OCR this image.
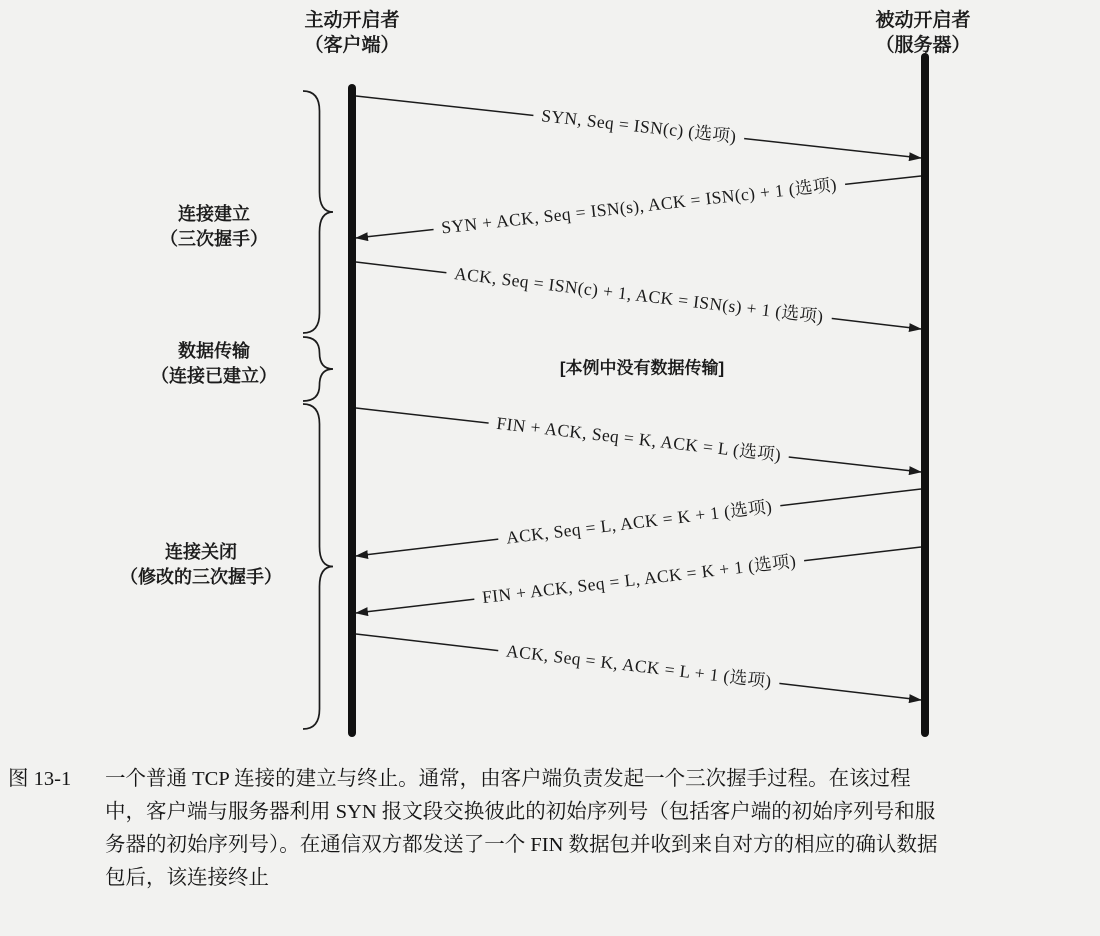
主动开启者
（客户端）
被动开启者
（服务器）
连接建立
（三次握手）
数据传输
（连接已建立）
连接关闭
（修改的三次握手）
[本例中没有数据传输]
SYN, Seq = ISN(c) (选项)
SYN + ACK, Seq = ISN(s), ACK = ISN(c) + 1 (选项)
ACK, Seq = ISN(c) + 1, ACK = ISN(s) + 1 (选项)
FIN + ACK, Seq = K, ACK = L (选项)
ACK, Seq = L, ACK = K + 1 (选项)
FIN + ACK, Seq = L, ACK = K + 1 (选项)
ACK, Seq = K, ACK = L + 1 (选项)
图 13-1	一个普通 TCP 连接的建立与终止。通常，由客户端负责发起一个三次握手过程。在该过程
中，客户端与服务器利用 SYN 报文段交换彼此的初始序列号（包括客户端的初始序列号和服
务器的初始序列号）。在通信双方都发送了一个 FIN 数据包并收到来自对方的相应的确认数据
包后，该连接终止
